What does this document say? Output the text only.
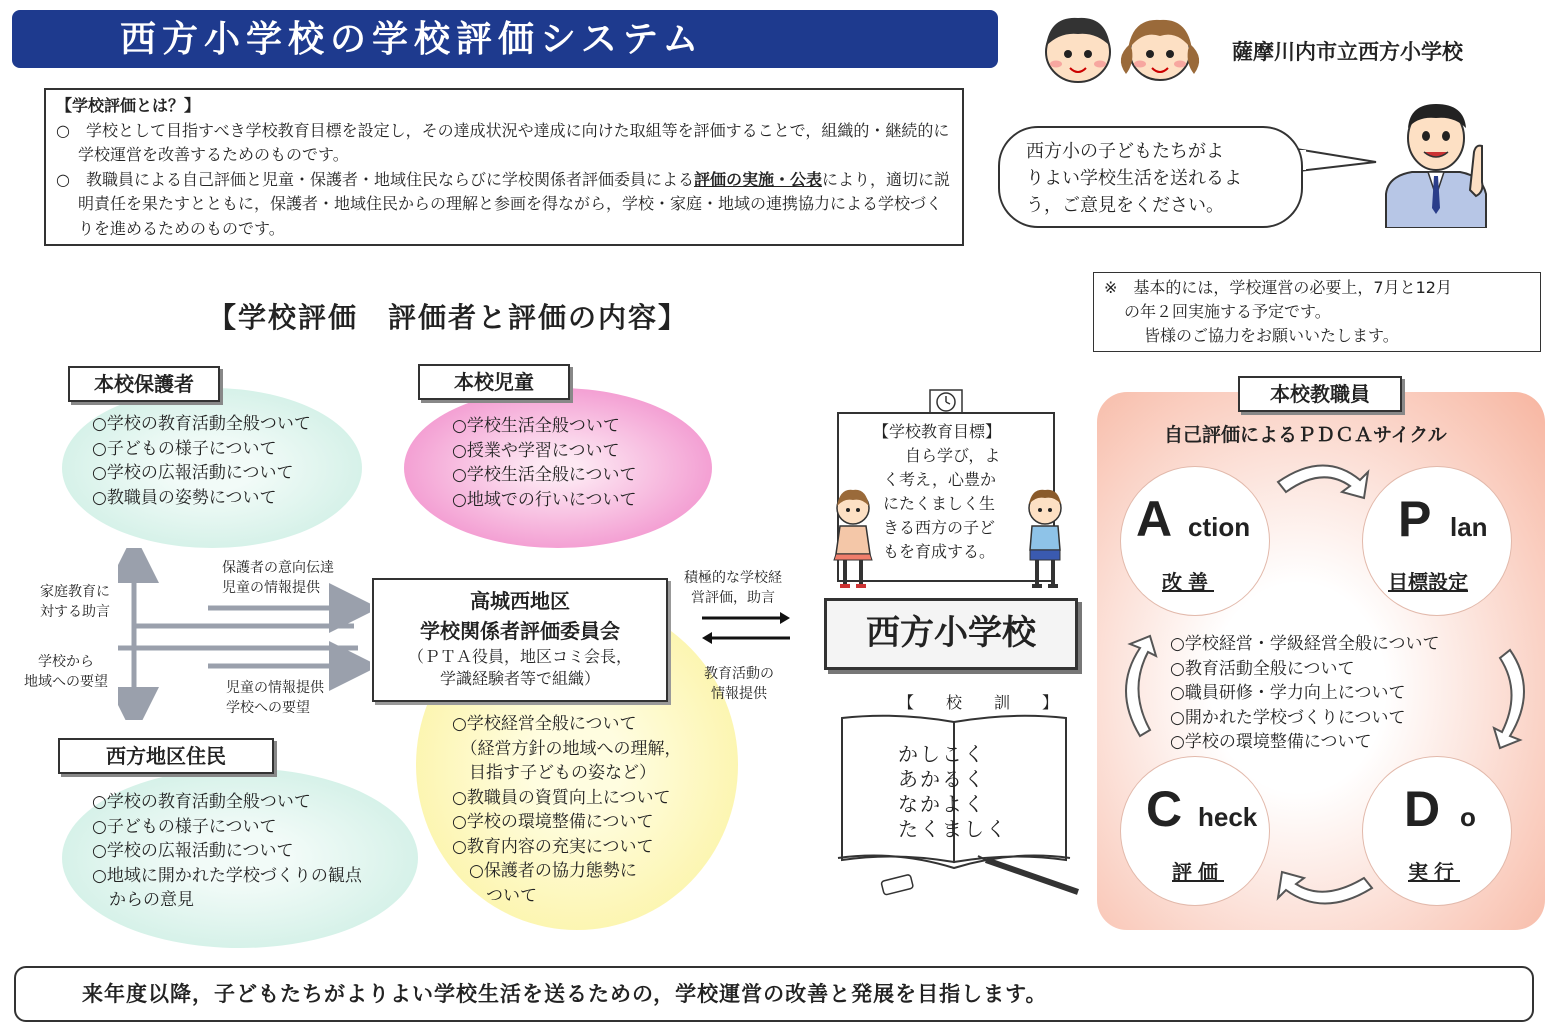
西方小学校の学校評価システム	薩摩川内市立西方小学校
【学校評価とは？】

○　学校として目指すべき学校教育目標を設定し，その達成状況や達成に向けた取組等を評価することで，組織的・継続的に学校運営を改善するためのものです。

○　教職員による自己評価と児童・保護者・地域住民ならびに学校関係者評価委員による評価の実施・公表により，適切に説明責任を果たすとともに，保護者・地域住民からの理解と参画を得ながら，学校・家庭・地域の連携協力による学校づくりを進めるためのものです。

西方小の子どもたちがよ
りよい学校生活を送れるよ
う，ご意見をください。
※　基本的には，学校運営の必要上，7月と12月
の年２回実施する予定です。
皆様のご協力をお願いいたします。
【学校評価　評価者と評価の内容】
本校保護者
○学校の教育活動全般ついて
○子どもの様子について
○学校の広報活動について
○教職員の姿勢について
本校児童
○学校生活全般ついて
○授業や学習について
○学校生活全般について
○地域での行いについて
西方地区住民
○学校の教育活動全般ついて
○子どもの様子について
○学校の広報活動について
○地域に開かれた学校づくりの観点
　からの意見
家庭教育に
対する助言
保護者の意向伝達
児童の情報提供
学校から
地域への要望	児童の情報提供
学校への要望
高城西地区
学校関係者評価委員会
（ＰＴＡ役員，地区コミ会長，
学識経験者等で組織）
○学校経営全般について
　（経営方針の地域への理解，
　目指す子どもの姿など）
○教職員の資質向上について
○学校の環境整備について
○教育内容の充実について
　○保護者の協力態勢に
　　ついて
積極的な学校経
営評価，助言
教育活動の
情報提供
【学校教育目標】
自ら学び，よ
く考え，心豊か
にたくましく生
きる西方の子ど
もを育成する。
西方小学校
【　校　訓　】
かしこく
あかるく
なかよく
たくましく
本校教職員
自己評価によるＰＤＣＡサイクル
A ction
改善
P lan
目標設定
C heck
評価
D o
実行
○学校経営・学級経営全般について
○教育活動全般について
○職員研修・学力向上について
○開かれた学校づくりについて
○学校の環境整備について
来年度以降，子どもたちがよりよい学校生活を送るための，学校運営の改善と発展を目指します。
